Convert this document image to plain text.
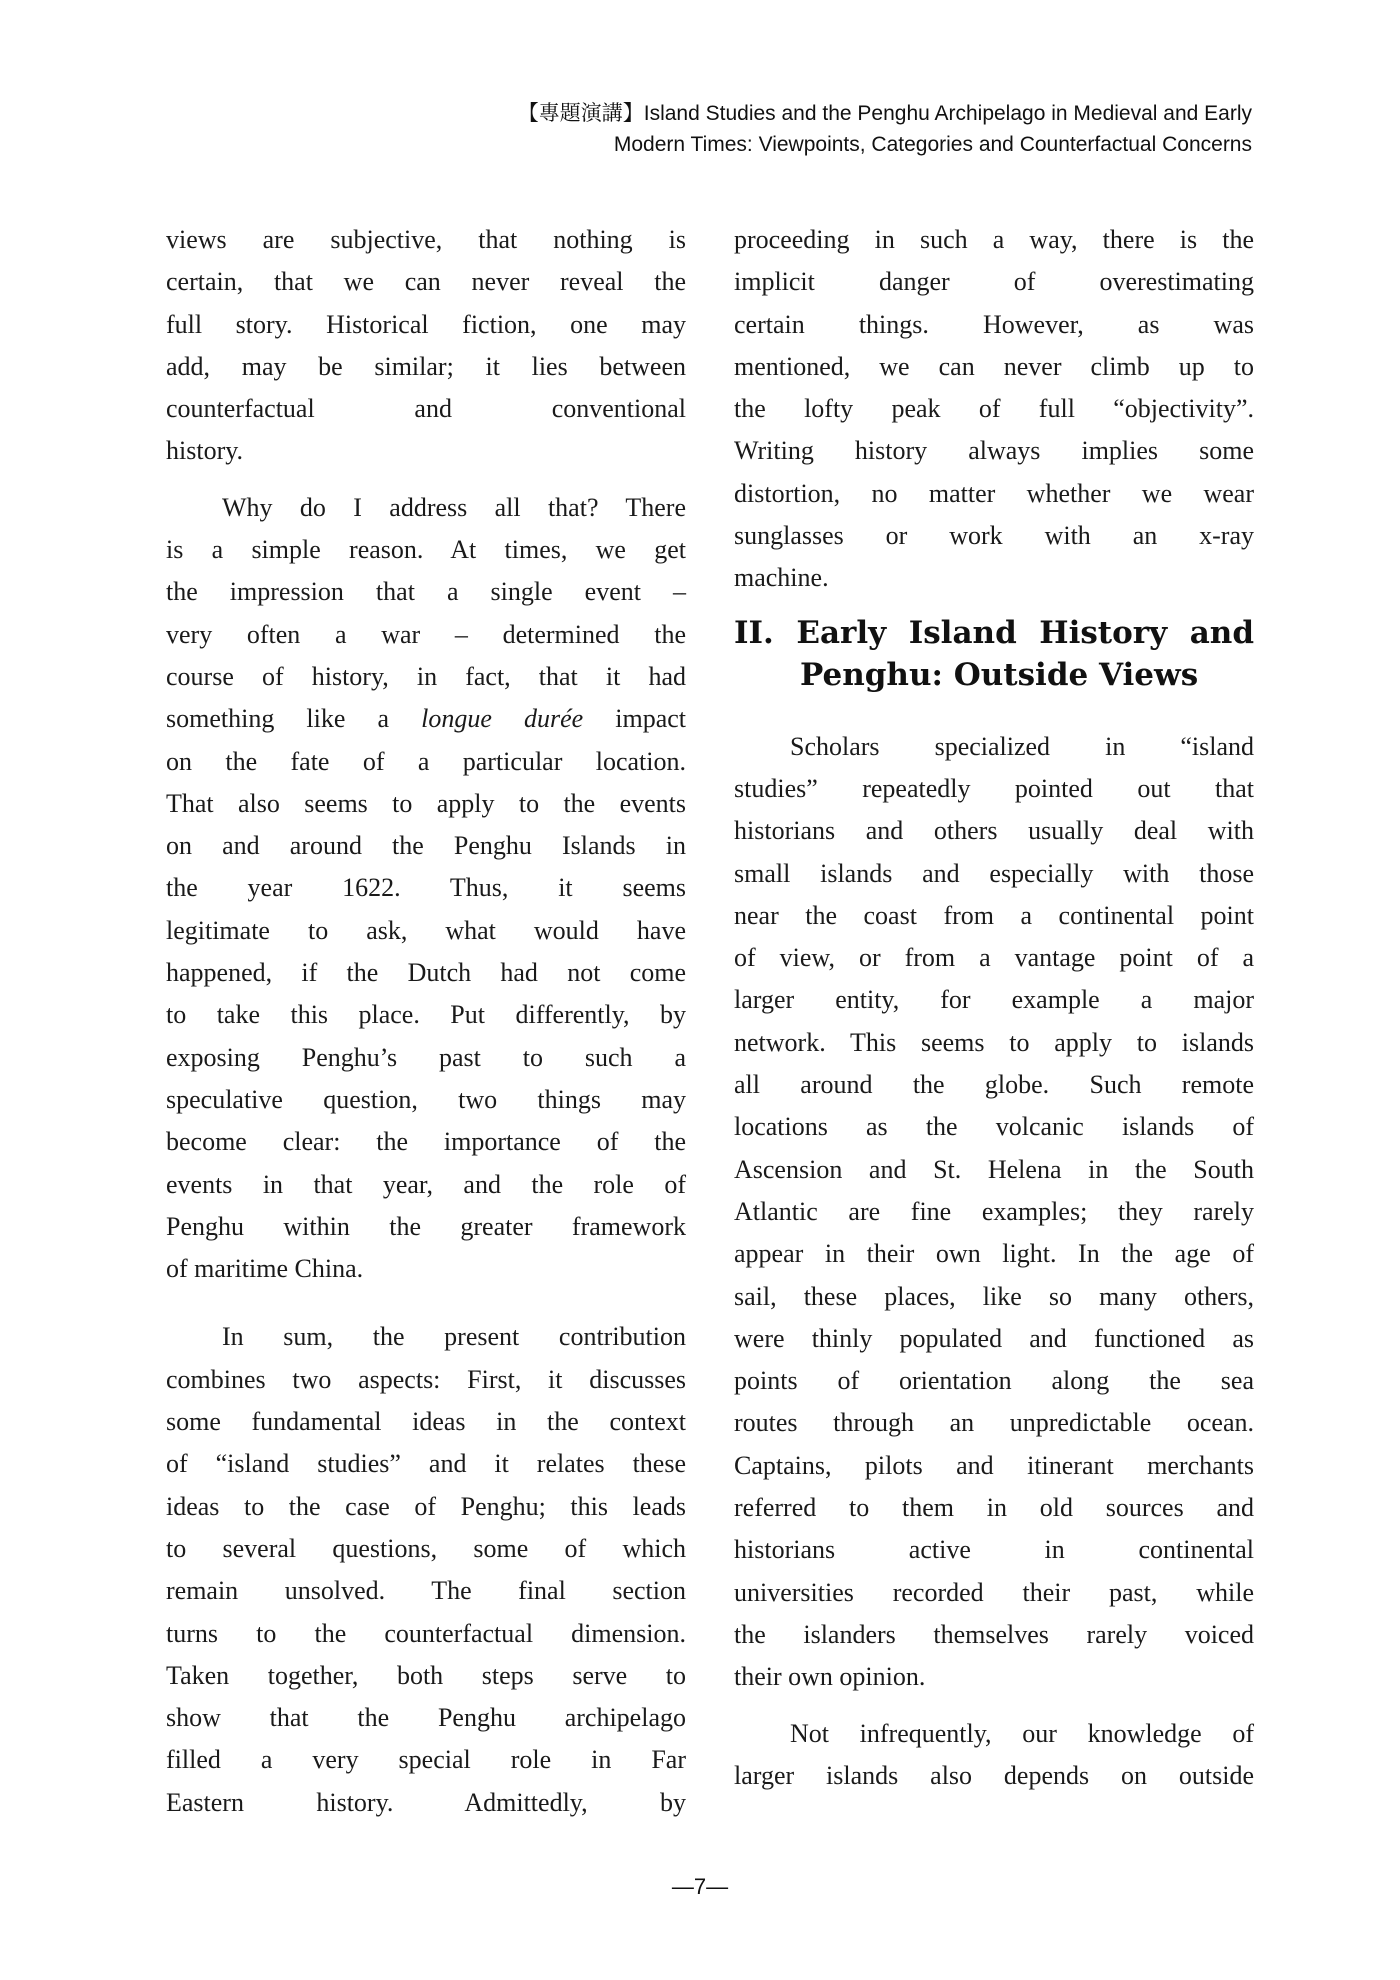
【專題演講】Island Studies and the Penghu Archipelago in Medieval and Early
Modern Times: Viewpoints, Categories and Counterfactual Concerns
views are subjective, that nothing is
certain, that we can never reveal the
full story. Historical fiction, one may
add, may be similar; it lies between
counterfactual and conventional
history.
Why do I address all that? There
is a simple reason. At times, we get
the impression that a single event –
very often a war – determined the
course of history, in fact, that it had
something like a longue durée impact
on the fate of a particular location.
That also seems to apply to the events
on and around the Penghu Islands in
the year 1622. Thus, it seems
legitimate to ask, what would have
happened, if the Dutch had not come
to take this place. Put differently, by
exposing Penghu’s past to such a
speculative question, two things may
become clear: the importance of the
events in that year, and the role of
Penghu within the greater framework
of maritime China.
In sum, the present contribution
combines two aspects: First, it discusses
some fundamental ideas in the context
of “island studies” and it relates these
ideas to the case of Penghu; this leads
to several questions, some of which
remain unsolved. The final section
turns to the counterfactual dimension.
Taken together, both steps serve to
show that the Penghu archipelago
filled a very special role in Far
Eastern history. Admittedly, by
proceeding in such a way, there is the
implicit danger of overestimating
certain things. However, as was
mentioned, we can never climb up to
the lofty peak of full “objectivity”.
Writing history always implies some
distortion, no matter whether we wear
sunglasses or work with an x-ray
machine.
II. Early Island History and
Penghu: Outside Views
Scholars specialized in “island
studies” repeatedly pointed out that
historians and others usually deal with
small islands and especially with those
near the coast from a continental point
of view, or from a vantage point of a
larger entity, for example a major
network. This seems to apply to islands
all around the globe. Such remote
locations as the volcanic islands of
Ascension and St. Helena in the South
Atlantic are fine examples; they rarely
appear in their own light. In the age of
sail, these places, like so many others,
were thinly populated and functioned as
points of orientation along the sea
routes through an unpredictable ocean.
Captains, pilots and itinerant merchants
referred to them in old sources and
historians active in continental
universities recorded their past, while
the islanders themselves rarely voiced
their own opinion.
Not infrequently, our knowledge of
larger islands also depends on outside
—7—
